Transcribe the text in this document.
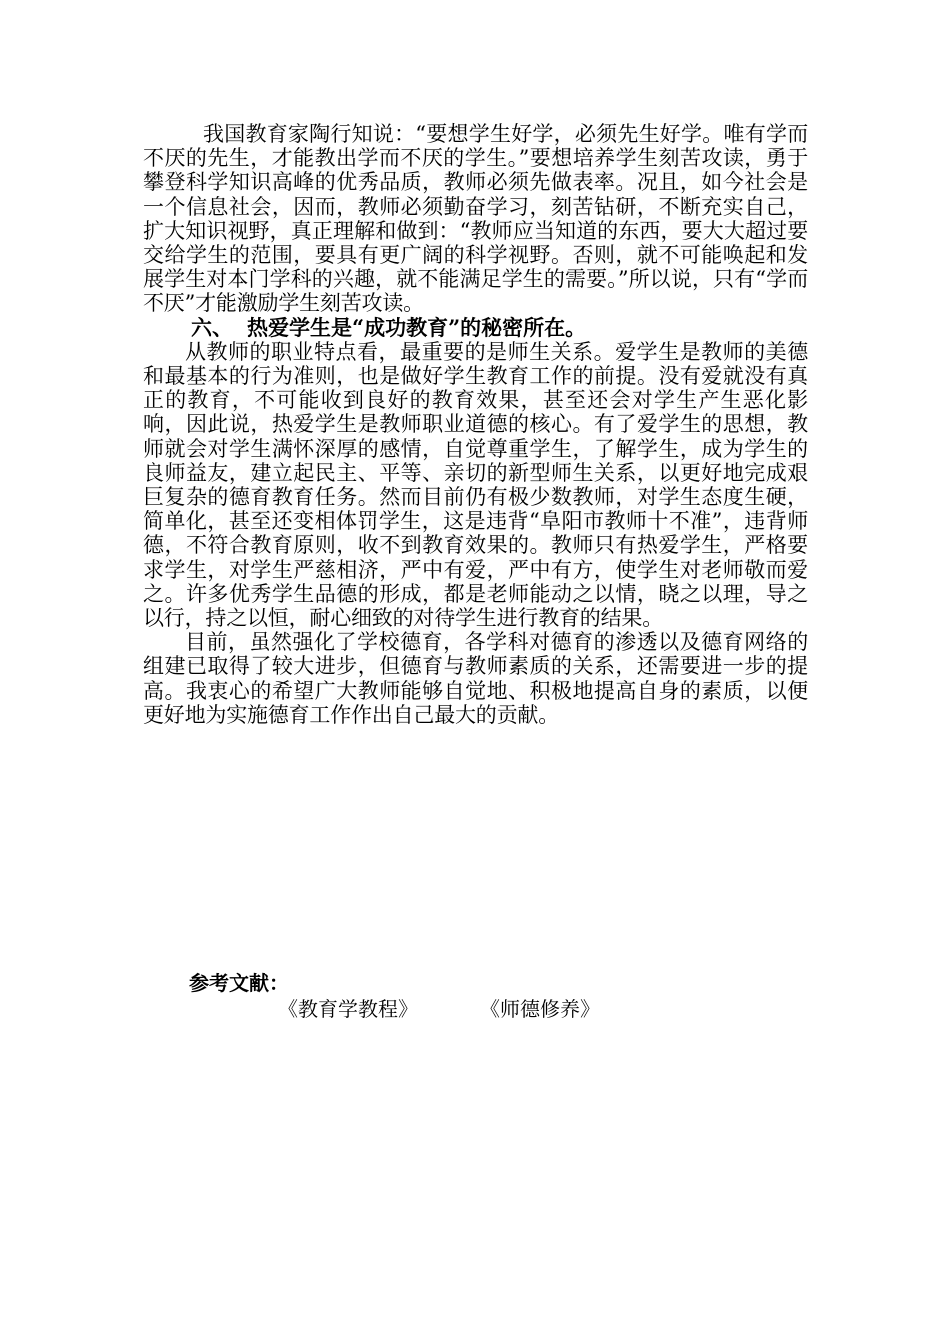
我国教育家陶行知说：“要想学生好学，必须先生好学。唯有学而不厌的先生，才能教出学而不厌的学生。”要想培养学生刻苦攻读，勇于攀登科学知识高峰的优秀品质，教师必须先做表率。况且，如今社会是一个信息社会，因而，教师必须勤奋学习，刻苦钻研，不断充实自己，扩大知识视野，真正理解和做到：“教师应当知道的东西，要大大超过要交给学生的范围，要具有更广阔的科学视野。否则，就不可能唤起和发展学生对本门学科的兴趣，就不能满足学生的需要。”所以说，只有“学而不厌”才能激励学生刻苦攻读。

六、 热爱学生是“成功教育”的秘密所在。

从教师的职业特点看，最重要的是师生关系。爱学生是教师的美德和最基本的行为准则，也是做好学生教育工作的前提。没有爱就没有真正的教育，不可能收到良好的教育效果，甚至还会对学生产生恶化影响，因此说，热爱学生是教师职业道德的核心。有了爱学生的思想，教师就会对学生满怀深厚的感情，自觉尊重学生，了解学生，成为学生的良师益友，建立起民主、平等、亲切的新型师生关系，以更好地完成艰巨复杂的德育教育任务。然而目前仍有极少数教师，对学生态度生硬，简单化，甚至还变相体罚学生，这是违背“阜阳市教师十不准”，违背师德，不符合教育原则，收不到教育效果的。教师只有热爱学生，严格要求学生，对学生严慈相济，严中有爱，严中有方，使学生对老师敬而爱之。许多优秀学生品德的形成，都是老师能动之以情，晓之以理，导之以行，持之以恒，耐心细致的对待学生进行教育的结果。

目前，虽然强化了学校德育，各学科对德育的渗透以及德育网络的组建已取得了较大进步，但德育与教师素质的关系，还需要进一步的提高。我衷心的希望广大教师能够自觉地、积极地提高自身的素质，以便更好地为实施德育工作作出自己最大的贡献。

参考文献：
《教育学教程》	《师德修养》
